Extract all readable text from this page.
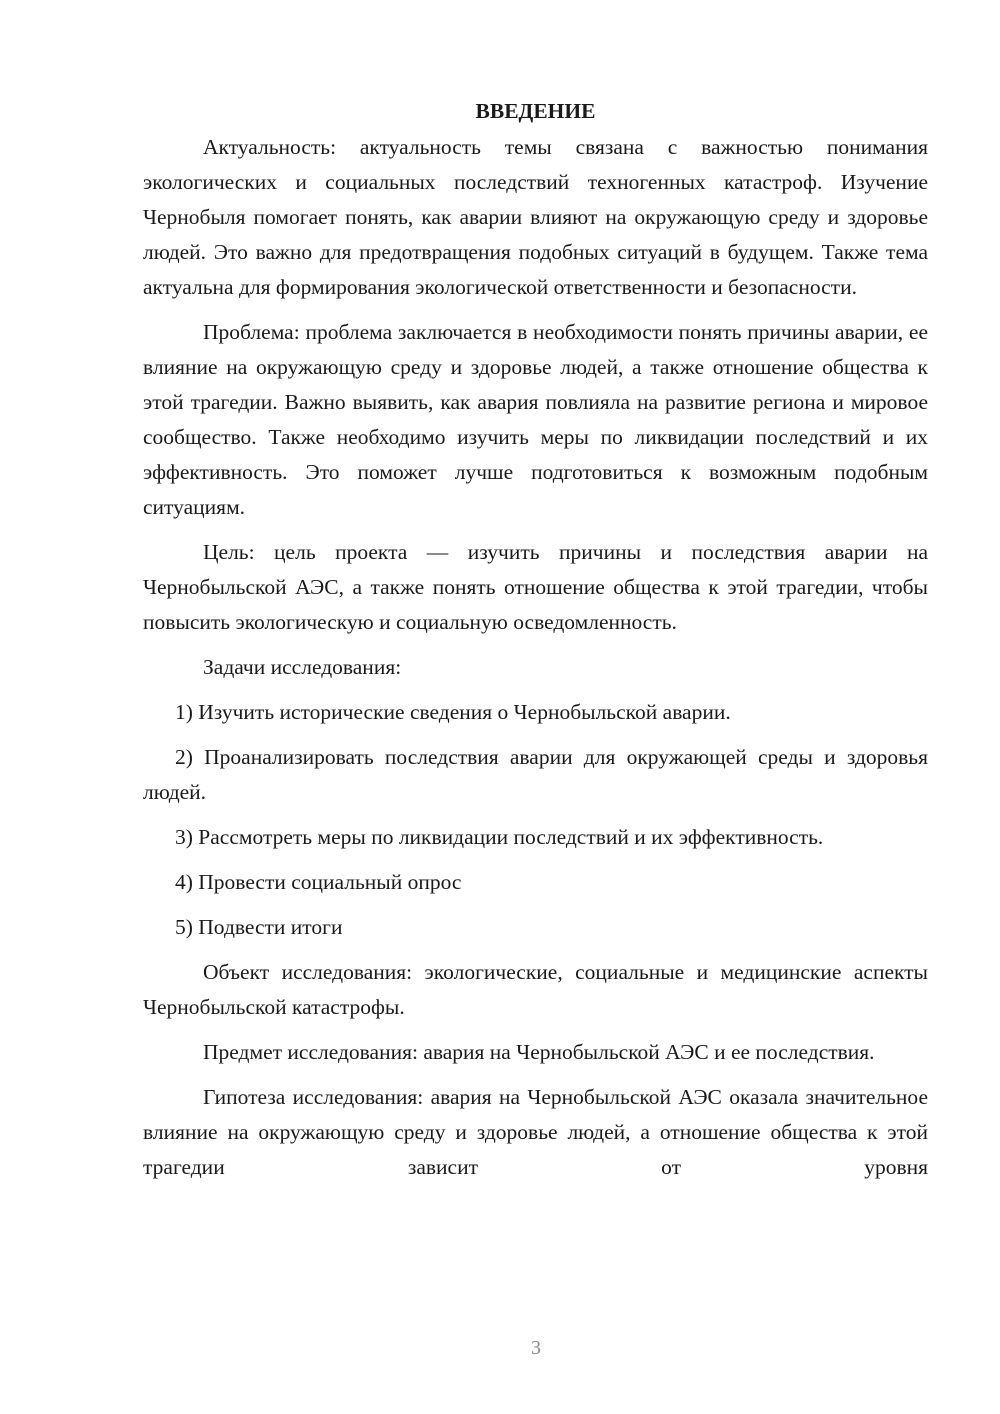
ВВЕДЕНИЕ

Актуальность: актуальность темы связана с важностью понимания экологических и социальных последствий техногенных катастроф. Изучение Чернобыля помогает понять, как аварии влияют на окружающую среду и здоровье людей. Это важно для предотвращения подобных ситуаций в будущем. Также тема актуальна для формирования экологической ответственности и безопасности.

Проблема: проблема заключается в необходимости понять причины аварии, ее влияние на окружающую среду и здоровье людей, а также отношение общества к этой трагедии. Важно выявить, как авария повлияла на развитие региона и мировое сообщество. Также необходимо изучить меры по ликвидации последствий и их эффективность. Это поможет лучше подготовиться к возможным подобным ситуациям.

Цель: цель проекта — изучить причины и последствия аварии на Чернобыльской АЭС, а также понять отношение общества к этой трагедии, чтобы повысить экологическую и социальную осведомленность.

Задачи исследования:

1) Изучить исторические сведения о Чернобыльской аварии.

2) Проанализировать последствия аварии для окружающей среды и здоровья людей.

3) Рассмотреть меры по ликвидации последствий и их эффективность.

4) Провести социальный опрос

5) Подвести итоги

Объект исследования: экологические, социальные и медицинские аспекты Чернобыльской катастрофы.

Предмет исследования: авария на Чернобыльской АЭС и ее последствия.

Гипотеза исследования: авария на Чернобыльской АЭС оказала значительное влияние на окружающую среду и здоровье людей, а отношение общества к этой трагедии зависит от уровня

3
